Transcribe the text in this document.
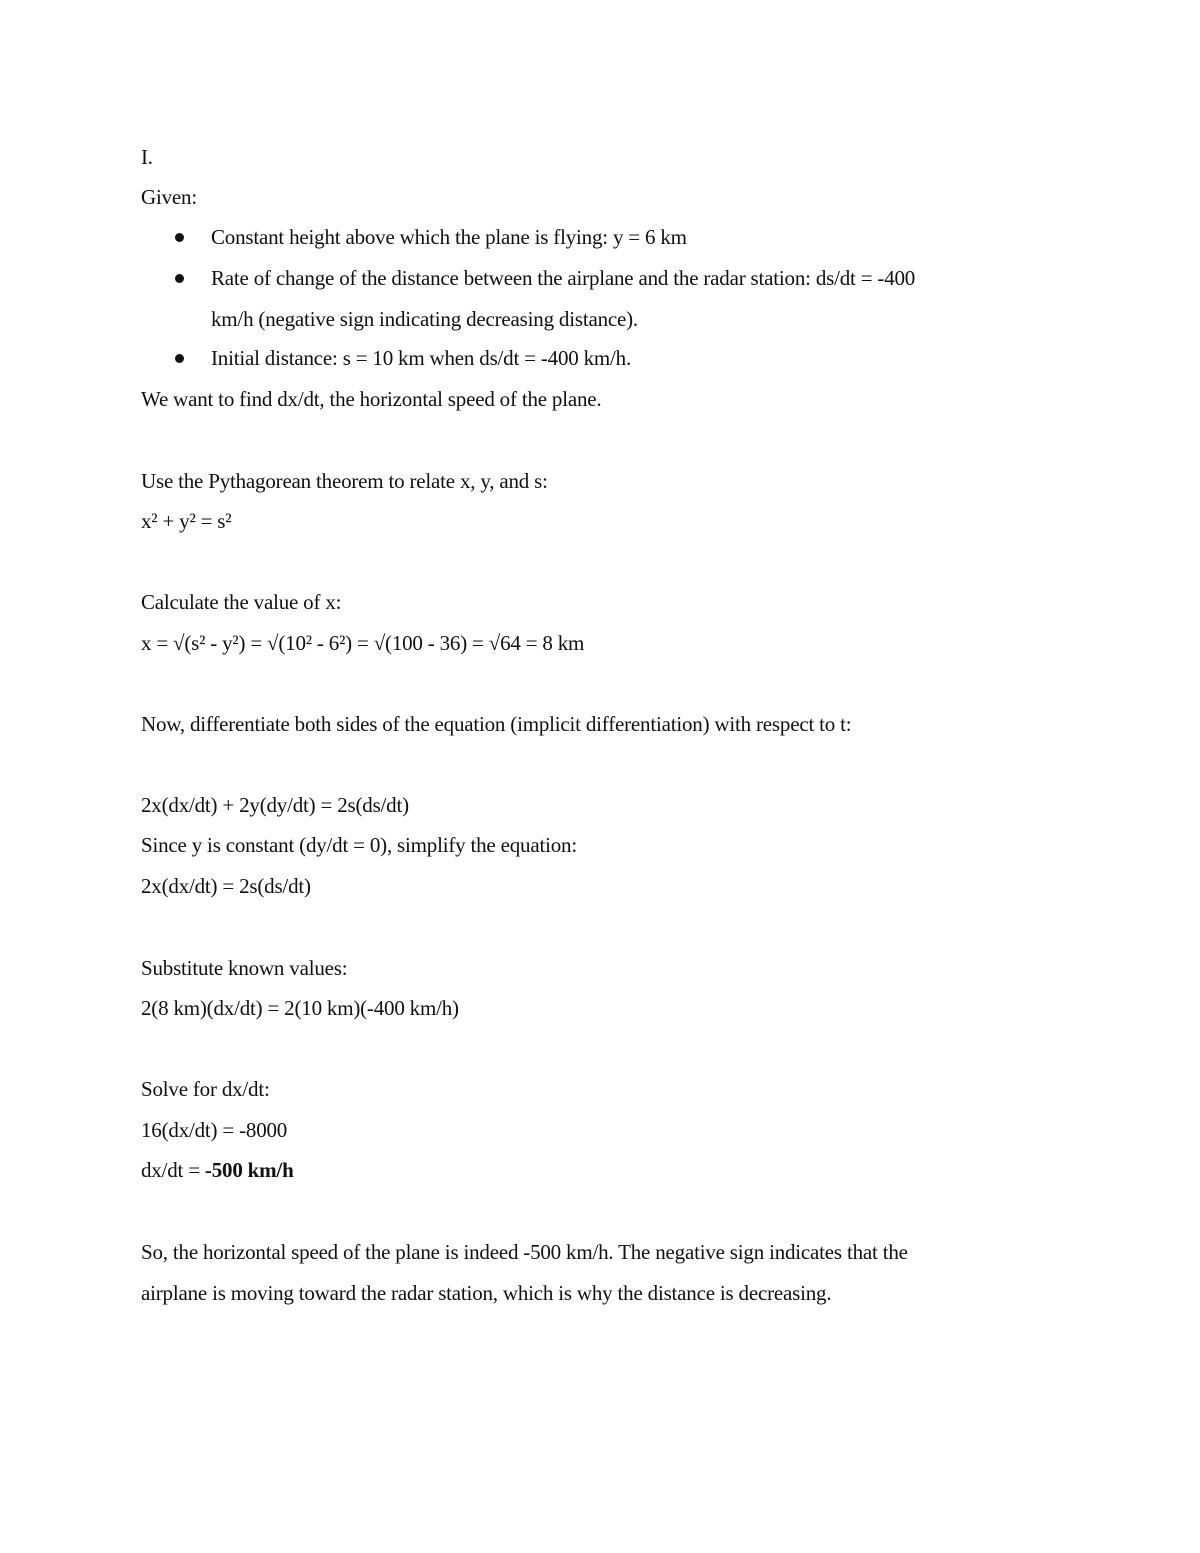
I.
Given:
Constant height above which the plane is flying: y = 6 km
Rate of change of the distance between the airplane and the radar station: ds/dt = -400
km/h (negative sign indicating decreasing distance).
Initial distance: s = 10 km when ds/dt = -400 km/h.
We want to find dx/dt, the horizontal speed of the plane.
Use the Pythagorean theorem to relate x, y, and s:
x² + y² = s²
Calculate the value of x:
x = √(s² - y²) = √(10² - 6²) = √(100 - 36) = √64 = 8 km
Now, differentiate both sides of the equation (implicit differentiation) with respect to t:
2x(dx/dt) + 2y(dy/dt) = 2s(ds/dt)
Since y is constant (dy/dt = 0), simplify the equation:
2x(dx/dt) = 2s(ds/dt)
Substitute known values:
2(8 km)(dx/dt) = 2(10 km)(-400 km/h)
Solve for dx/dt:
16(dx/dt) = -8000
dx/dt = -500 km/h
So, the horizontal speed of the plane is indeed -500 km/h. The negative sign indicates that the
airplane is moving toward the radar station, which is why the distance is decreasing.
